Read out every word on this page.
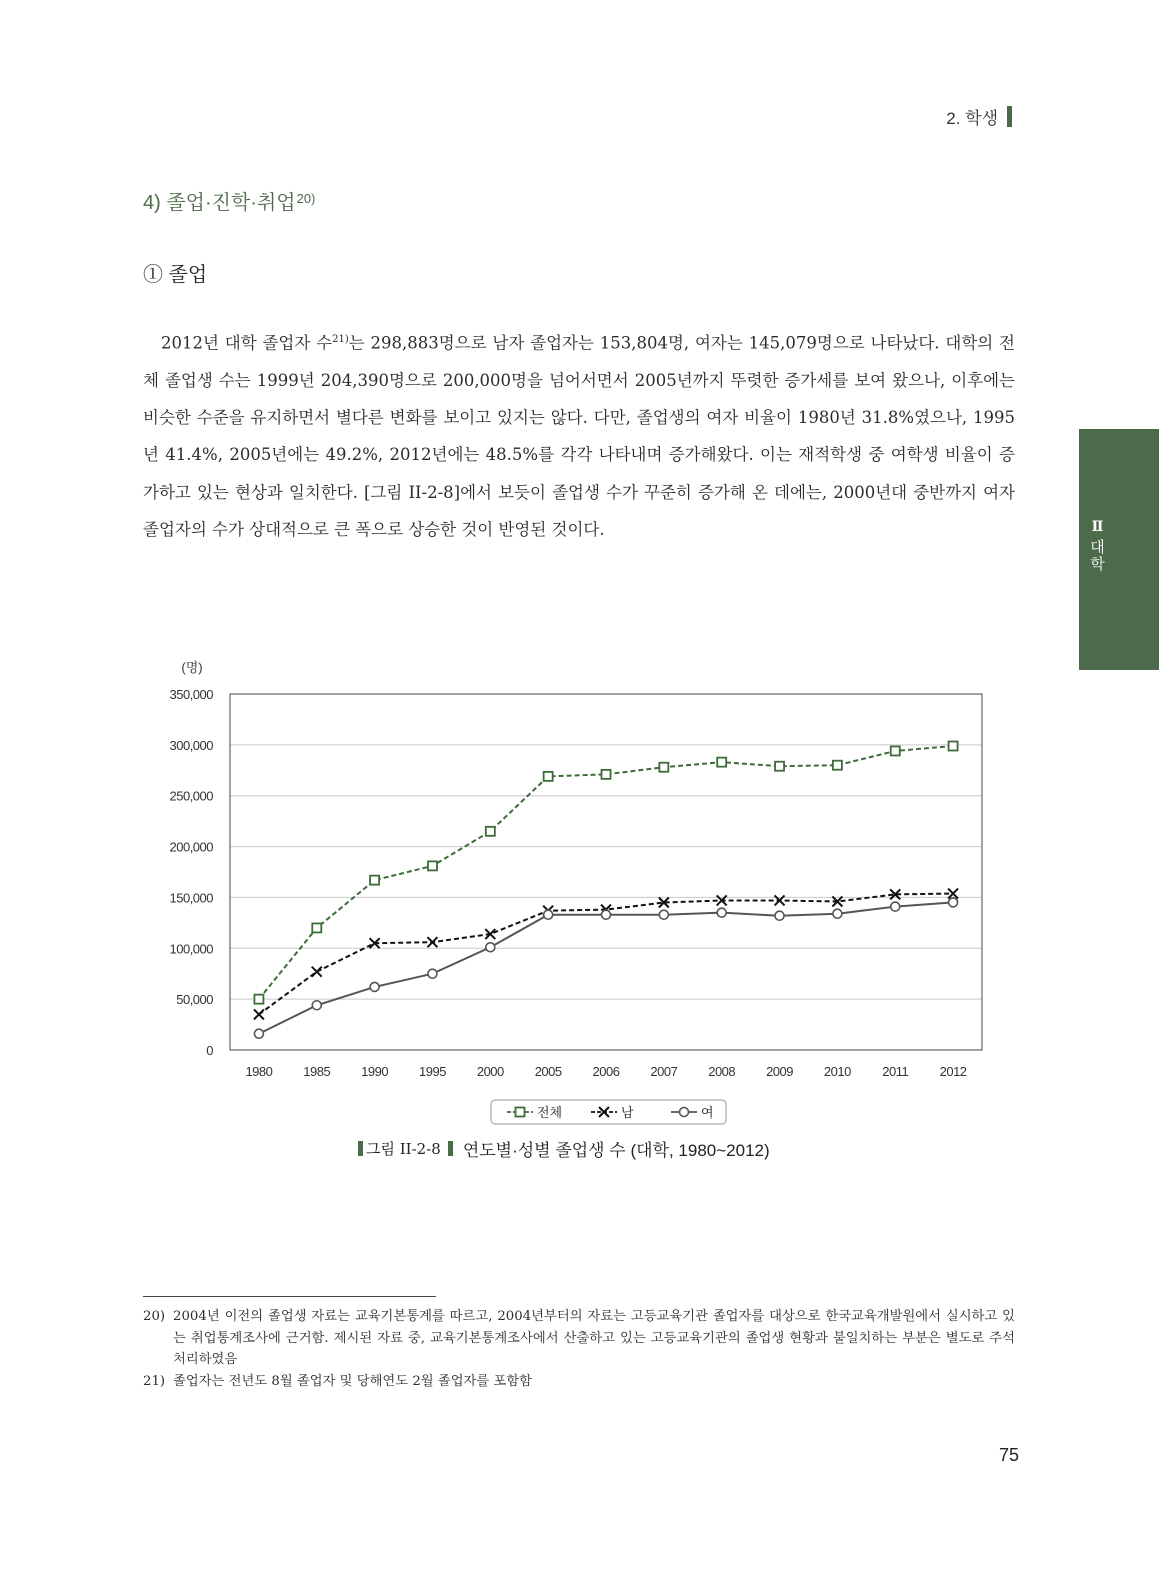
2. 학생
Ⅱ
대
학
4) 졸업·진학·취업$^{20)}$
① 졸업
2012년 대학 졸업자 수$^{21)}$는 298,883명으로 남자 졸업자는 153,804명, 여자는 145,079명으로 나타났다. 대학의 전체 졸업생 수는 1999년 204,390명으로 200,000명을 넘어서면서 2005년까지 뚜렷한 증가세를 보여 왔으나, 이후에는 비슷한 수준을 유지하면서 별다른 변화를 보이고 있지는 않다. 다만, 졸업생의 여자 비율이 1980년 31.8%였으나, 1995년 41.4%, 2005년에는 49.2%, 2012년에는 48.5%를 각각 나타내며 증가해왔다. 이는 재적학생 중 여학생 비율이 증가하고 있는 현상과 일치한다. [그림 II-2-8]에서 보듯이 졸업생 수가 꾸준히 증가해 온 데에는, 2000년대 중반까지 여자 졸업자의 수가 상대적으로 큰 폭으로 상승한 것이 반영된 것이다.
(명)
0
50,000
100,000
150,000
200,000
250,000
300,000
350,000
1980 1985 1990 1995 2000 2005 2006 2007 2008 2009 2010 2011 2012
전체	남	여
그림 II-2-8 연도별·성별 졸업생 수 (대학, 1980~2012)
20) 2004년 이전의 졸업생 자료는 교육기본통계를 따르고, 2004년부터의 자료는 고등교육기관 졸업자를 대상으로 한국교육개발원에서 실시하고 있는 취업통계조사에 근거함. 제시된 자료 중, 교육기본통계조사에서 산출하고 있는 고등교육기관의 졸업생 현황과 불일치하는 부분은 별도로 주석 처리하였음
21) 졸업자는 전년도 8월 졸업자 및 당해연도 2월 졸업자를 포함함
75
